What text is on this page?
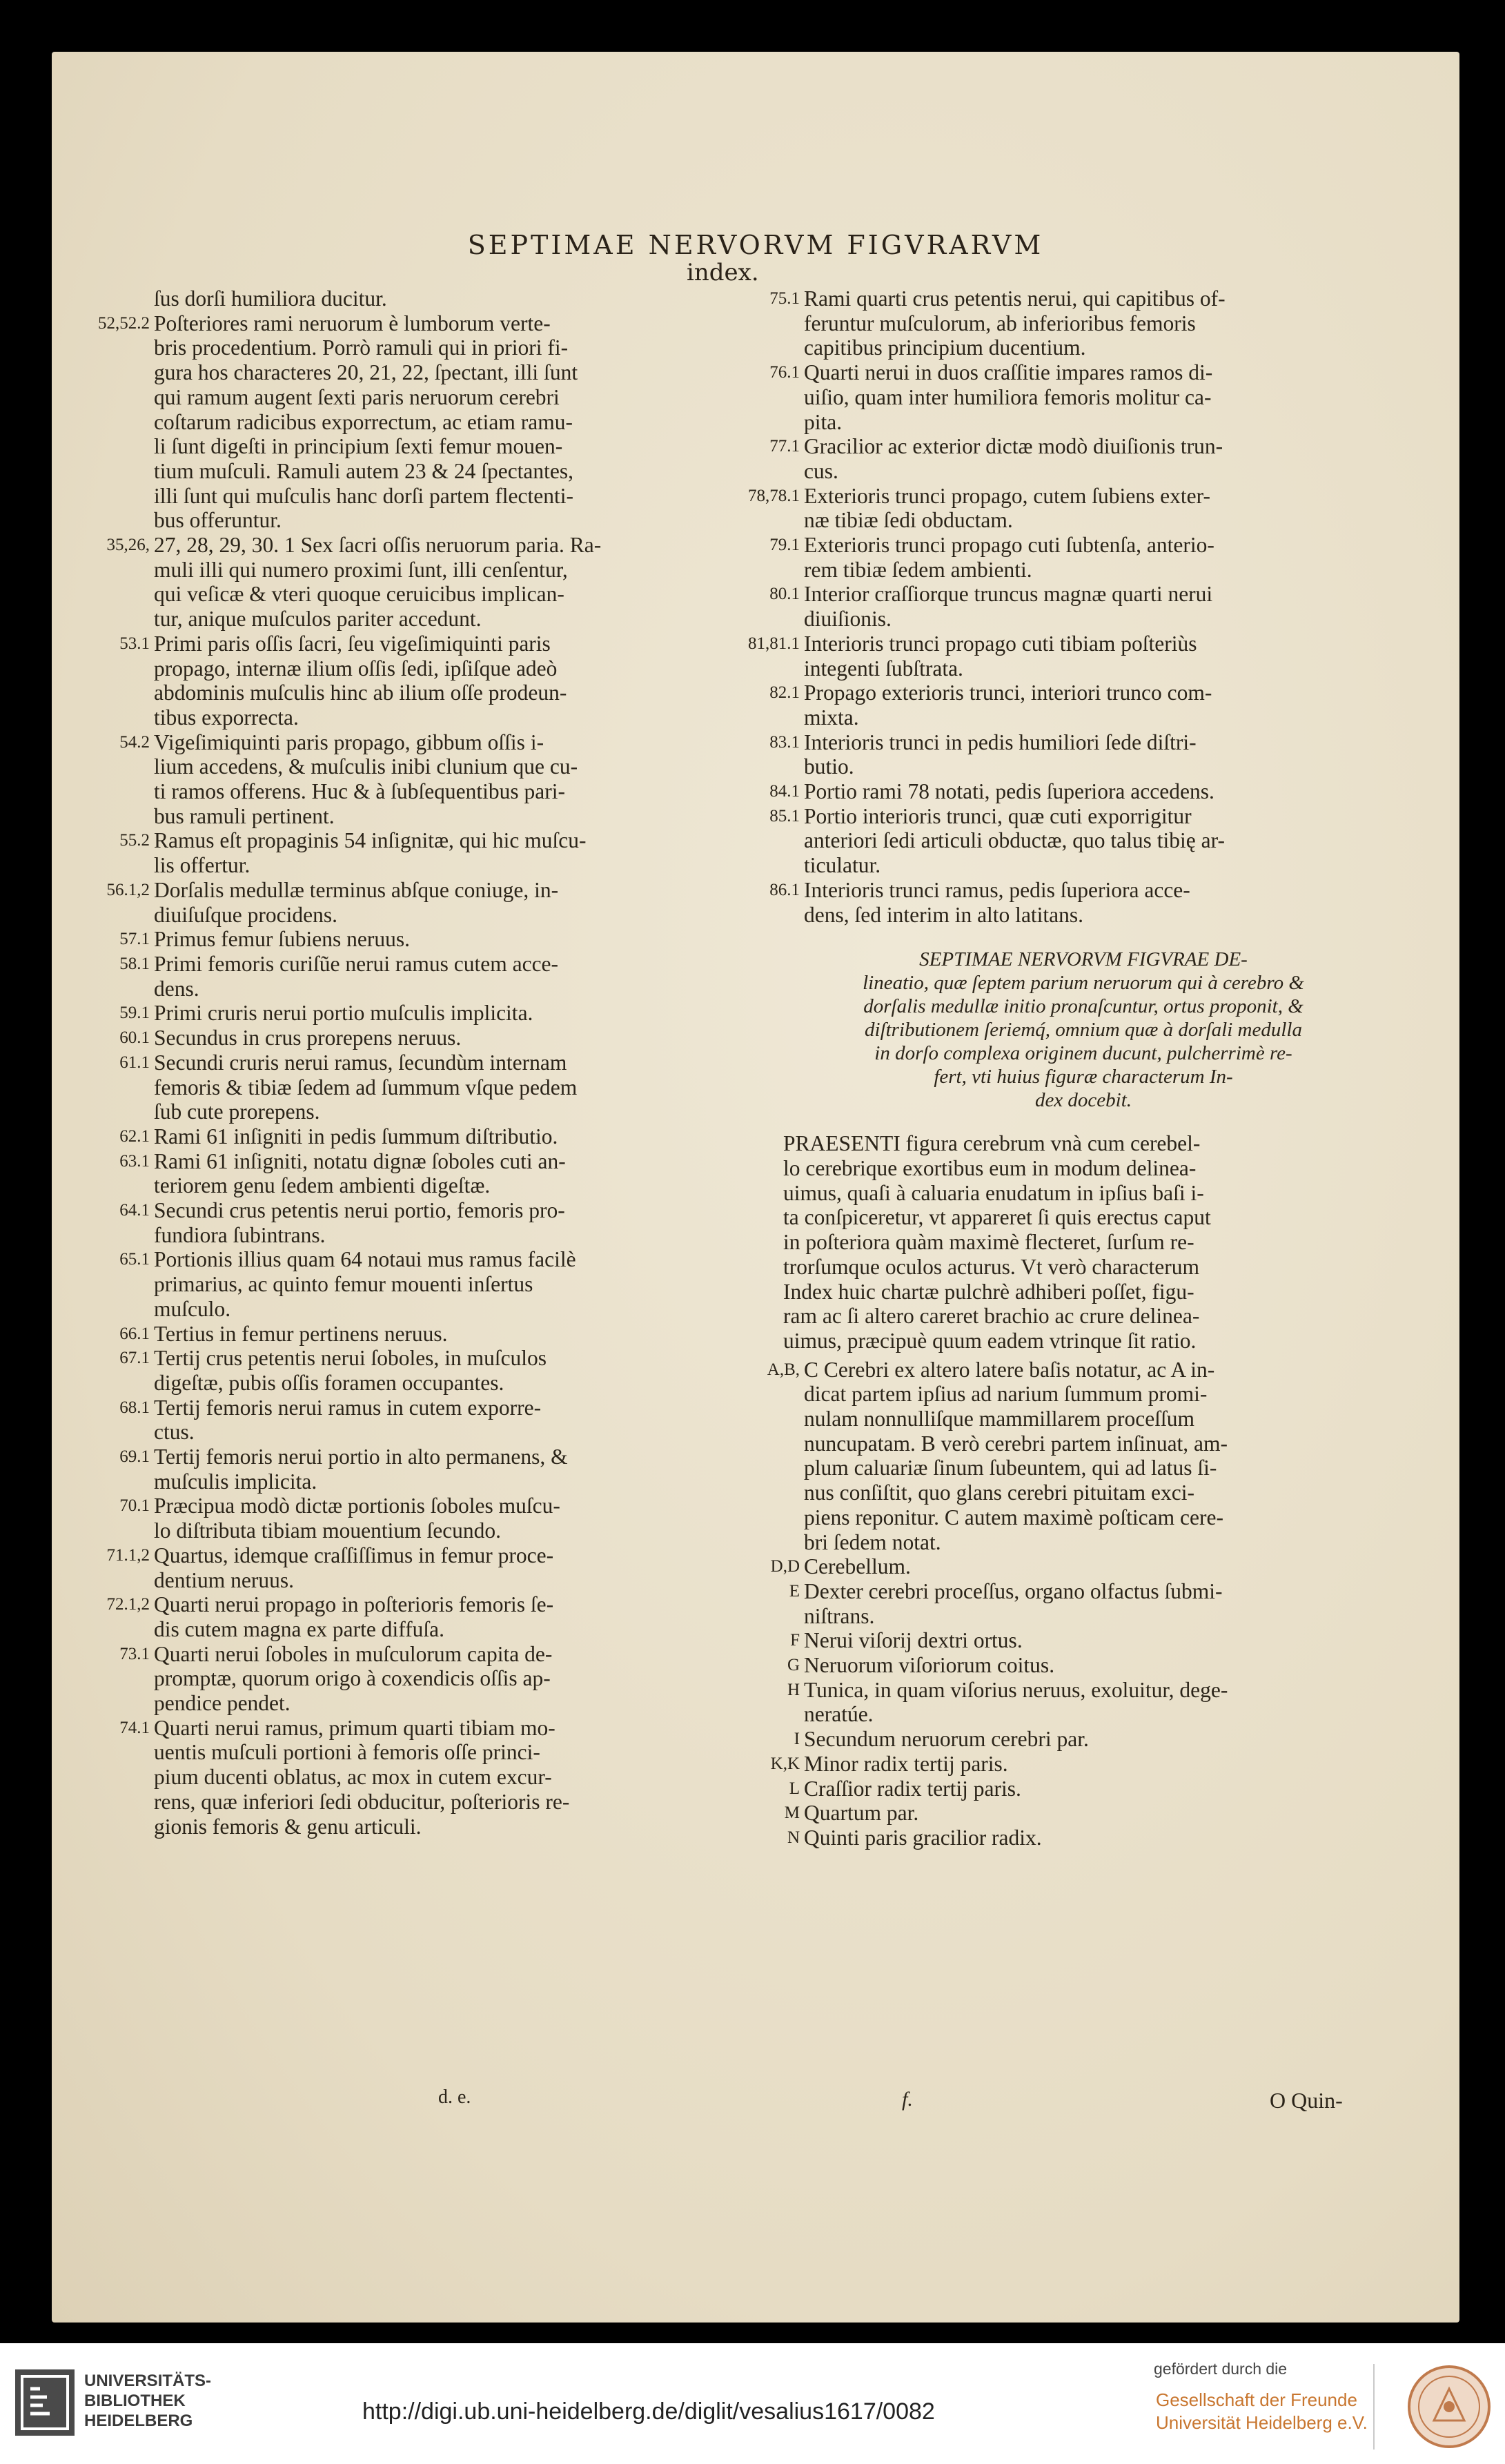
SEPTIMAE NERVORVM FIGVRARVM
index.
ſus dorſi humiliora ducitur.
52,52.2 Poſteriores rami neruorum è lumborum verte-
bris procedentium. Porrò ramuli qui in priori fi-
gura hos characteres 20, 21, 22, ſpectant, illi ſunt
qui ramum augent ſexti paris neruorum cerebri
coſtarum radicibus exporrectum, ac etiam ramu-
li ſunt digeſti in principium ſexti femur mouen-
tium muſculi. Ramuli autem 23 & 24 ſpectantes,
illi ſunt qui muſculis hanc dorſi partem flectenti-
bus offeruntur.
35,26, 27, 28, 29, 30. 1 Sex ſacri oſſis neruorum paria. Ra-
muli illi qui numero proximi ſunt, illi cenſentur,
qui veſicæ & vteri quoque ceruicibus implican-
tur, anique muſculos pariter accedunt.
53.1 Primi paris oſſis ſacri, ſeu vigeſimiquinti paris
propago, internæ ilium oſſis ſedi, ipſiſque adeò
abdominis muſculis hinc ab ilium oſſe prodeun-
tibus exporrecta.
54.2 Vigeſimiquinti paris propago, gibbum oſſis i-
lium accedens, & muſculis inibi clunium que cu-
ti ramos offerens. Huc & à ſubſequentibus pari-
bus ramuli pertinent.
55.2 Ramus eſt propaginis 54 inſignitæ, qui hic muſcu-
lis offertur.
56.1,2 Dorſalis medullæ terminus abſque coniuge, in-
diuiſuſque procidens.
57.1 Primus femur ſubiens neruus.
58.1 Primi femoris curiſũe nerui ramus cutem acce-
dens.
59.1 Primi cruris nerui portio muſculis implicita.
60.1 Secundus in crus prorepens neruus.
61.1 Secundi cruris nerui ramus, ſecundùm internam
femoris & tibiæ ſedem ad ſummum vſque pedem
ſub cute prorepens.
62.1 Rami 61 inſigniti in pedis ſummum diſtributio.
63.1 Rami 61 inſigniti, notatu dignæ ſoboles cuti an-
teriorem genu ſedem ambienti digeſtæ.
64.1 Secundi crus petentis nerui portio, femoris pro-
fundiora ſubintrans.
65.1 Portionis illius quam 64 notaui mus ramus facilè
primarius, ac quinto femur mouenti inſertus
muſculo.
66.1 Tertius in femur pertinens neruus.
67.1 Tertij crus petentis nerui ſoboles, in muſculos
digeſtæ, pubis oſſis foramen occupantes.
68.1 Tertij femoris nerui ramus in cutem exporre-
ctus.
69.1 Tertij femoris nerui portio in alto permanens, &
muſculis implicita.
70.1 Præcipua modò dictæ portionis ſoboles muſcu-
lo diſtributa tibiam mouentium ſecundo.
71.1,2 Quartus, idemque craſſiſſimus in femur proce-
dentium neruus.
72.1,2 Quarti nerui propago in poſterioris femoris ſe-
dis cutem magna ex parte diffuſa.
73.1 Quarti nerui ſoboles in muſculorum capita de-
promptæ, quorum origo à coxendicis oſſis ap-
pendice pendet.
74.1 Quarti nerui ramus, primum quarti tibiam mo-
uentis muſculi portioni à femoris oſſe princi-
pium ducenti oblatus, ac mox in cutem excur-
rens, quæ inferiori ſedi obducitur, poſterioris re-
gionis femoris & genu articuli.
75.1 Rami quarti crus petentis nerui, qui capitibus of-
feruntur muſculorum, ab inferioribus femoris
capitibus principium ducentium.
76.1 Quarti nerui in duos craſſitie impares ramos di-
uiſio, quam inter humiliora femoris molitur ca-
pita.
77.1 Gracilior ac exterior dictæ modò diuiſionis trun-
cus.
78,78.1 Exterioris trunci propago, cutem ſubiens exter-
næ tibiæ ſedi obductam.
79.1 Exterioris trunci propago cuti ſubtenſa, anterio-
rem tibiæ ſedem ambienti.
80.1 Interior craſſiorque truncus magnæ quarti nerui
diuiſionis.
81,81.1 Interioris trunci propago cuti tibiam poſteriùs
integenti ſubſtrata.
82.1 Propago exterioris trunci, interiori trunco com-
mixta.
83.1 Interioris trunci in pedis humiliori ſede diſtri-
butio.
84.1 Portio rami 78 notati, pedis ſuperiora accedens.
85.1 Portio interioris trunci, quæ cuti exporrigitur
anteriori ſedi articuli obductæ, quo talus tibię ar-
ticulatur.
86.1 Interioris trunci ramus, pedis ſuperiora acce-
dens, ſed interim in alto latitans.
SEPTIMAE NERVORVM FIGVRAE DE-
lineatio, quæ ſeptem parium neruorum qui à cerebro &
dorſalis medullæ initio pronaſcuntur, ortus proponit, &
diſtributionem ſeriemq́, omnium quæ à dorſali medulla
in dorſo complexa originem ducunt, pulcherrimè re-
fert, vti huius figuræ characterum In-
dex docebit.
PRAESENTI figura cerebrum vnà cum cerebel-
lo cerebrique exortibus eum in modum delinea-
uimus, quaſi à caluaria enudatum in ipſius baſi i-
ta conſpiceretur, vt appareret ſi quis erectus caput
in poſteriora quàm maximè flecteret, ſurſum re-
trorſumque oculos acturus. Vt verò characterum
Index huic chartæ pulchrè adhiberi poſſet, figu-
ram ac ſi altero careret brachio ac crure delinea-
uimus, præcipuè quum eadem vtrinque ſit ratio.
A,B, C Cerebri ex altero latere baſis notatur, ac A in-
dicat partem ipſius ad narium ſummum promi-
nulam nonnulliſque mammillarem proceſſum
nuncupatam. B verò cerebri partem inſinuat, am-
plum caluariæ ſinum ſubeuntem, qui ad latus ſi-
nus conſiſtit, quo glans cerebri pituitam exci-
piens reponitur. C autem maximè poſticam cere-
bri ſedem notat.
D,D Cerebellum.
E Dexter cerebri proceſſus, organo olfactus ſubmi-
niſtrans.
F Nerui viſorij dextri ortus.
G Neruorum viſoriorum coitus.
H Tunica, in quam viſorius neruus, exoluitur, dege-
neratúe.
I Secundum neruorum cerebri par.
K,K Minor radix tertij paris.
L Craſſior radix tertij paris.
M Quartum par.
N Quinti paris gracilior radix.
d. e.	f.	O Quin-
UNIVERSITÄTS-
BIBLIOTHEK
HEIDELBERG	http://digi.ub.uni-heidelberg.de/diglit/vesalius1617/0082
gefördert durch die
Gesellschaft der Freunde
Universität Heidelberg e.V.
